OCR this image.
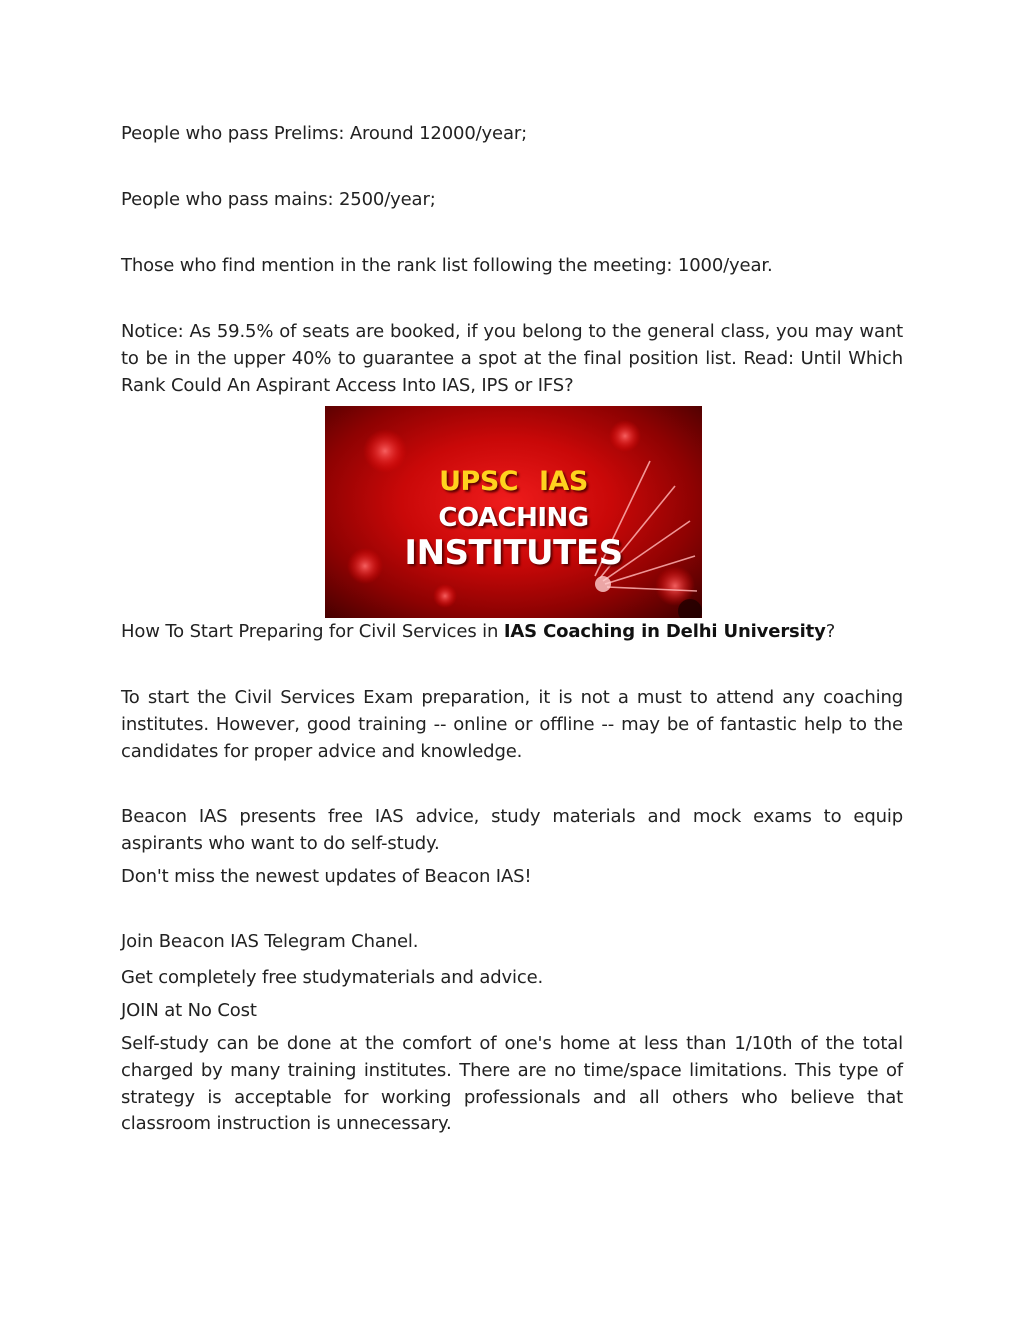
People who pass Prelims: Around 12000/year;

People who pass mains: 2500/year;

Those who find mention in the rank list following the meeting: 1000/year.

Notice: As 59.5% of seats are booked, if you belong to the general class, you may want to be in the upper 40% to guarantee a spot at the final position list. Read: Until Which Rank Could An Aspirant Access Into IAS, IPS or IFS?

UPSC IAS
COACHING
INSTITUTES

How To Start Preparing for Civil Services in IAS Coaching in Delhi University?

To start the Civil Services Exam preparation, it is not a must to attend any coaching institutes. However, good training -- online or offline -- may be of fantastic help to the candidates for proper advice and knowledge.

Beacon IAS presents free IAS advice, study materials and mock exams to equip aspirants who want to do self-study.

Don't miss the newest updates of Beacon IAS!

Join Beacon IAS Telegram Chanel.

Get completely free studymaterials and advice.

JOIN at No Cost

Self-study can be done at the comfort of one's home at less than 1/10th of the total charged by many training institutes. There are no time/space limitations. This type of strategy is acceptable for working professionals and all others who believe that classroom instruction is unnecessary.
